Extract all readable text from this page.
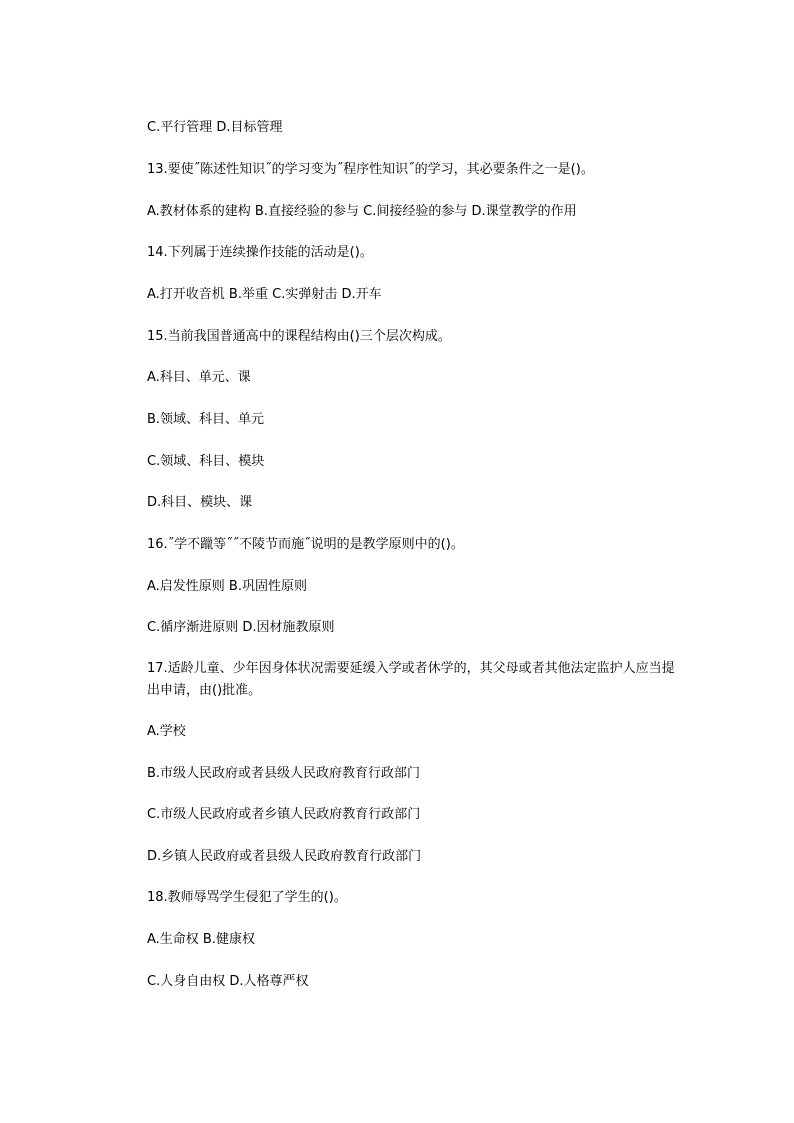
C.平行管理 D.目标管理
13.要使˝陈述性知识˝的学习变为˝程序性知识˝的学习，其必要条件之一是()。
A.教材体系的建构 B.直接经验的参与 C.间接经验的参与 D.课堂教学的作用
14.下列属于连续操作技能的活动是()。
A.打开收音机 B.举重 C.实弹射击 D.开车
15.当前我国普通高中的课程结构由()三个层次构成。
A.科目、单元、课
B.领域、科目、单元
C.领域、科目、模块
D.科目、模块、课
16.˝学不躐等˝˝不陵节而施˝说明的是教学原则中的()。
A.启发性原则 B.巩固性原则
C.循序渐进原则 D.因材施教原则
17.适龄儿童、少年因身体状况需要延缓入学或者休学的，其父母或者其他法定监护人应当提出申请，由()批准。
A.学校
B.市级人民政府或者县级人民政府教育行政部门
C.市级人民政府或者乡镇人民政府教育行政部门
D.乡镇人民政府或者县级人民政府教育行政部门
18.教师辱骂学生侵犯了学生的()。
A.生命权 B.健康权
C.人身自由权 D.人格尊严权
